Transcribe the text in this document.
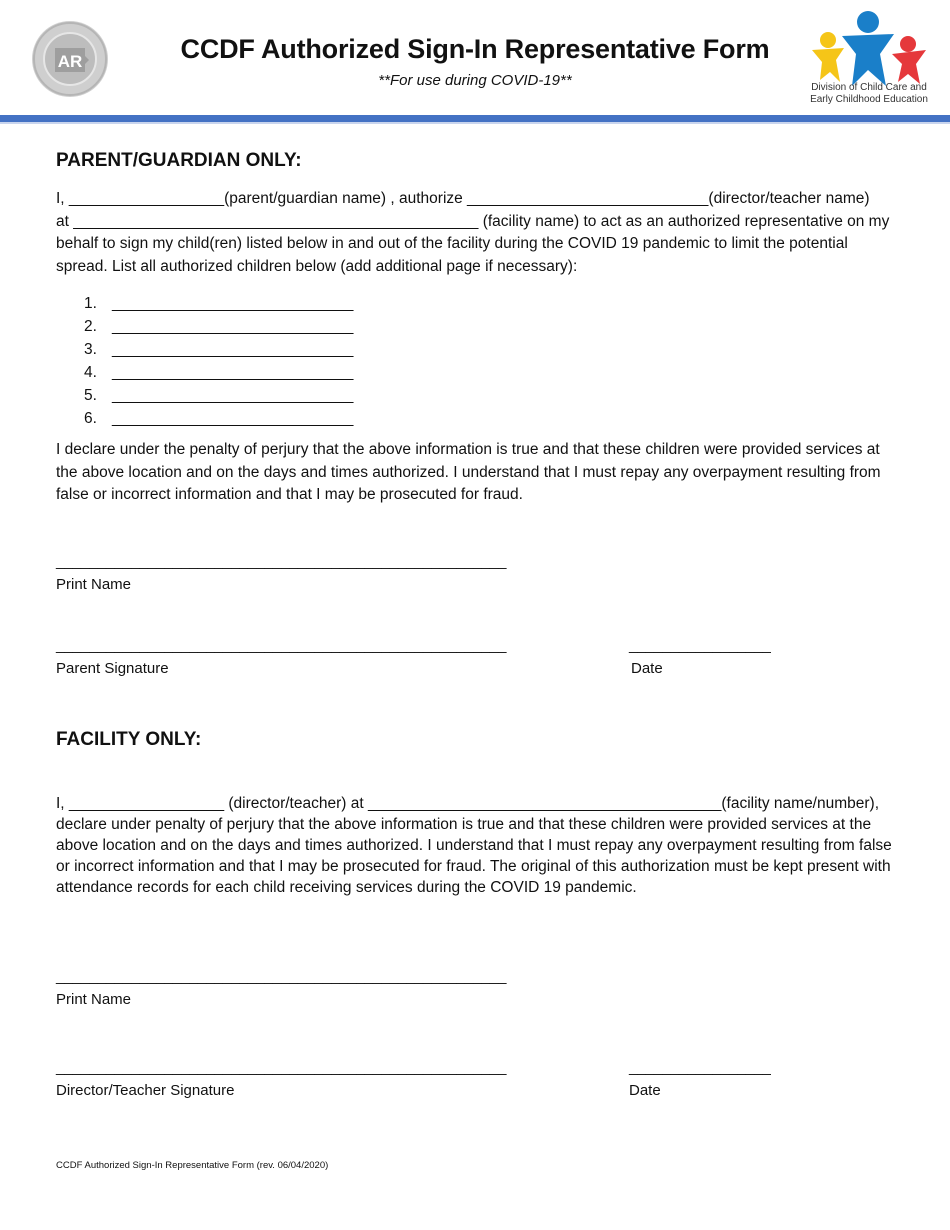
AR	CCDF Authorized Sign-In Representative Form
**For use during COVID-19**	Division of Child Care and
Early Childhood Education
PARENT/GUARDIAN ONLY:
I, __________________(parent/guardian name) , authorize ____________________________(director/teacher name)
at _______________________________________________ (facility name) to act as an authorized representative on my
behalf to sign my child(ren) listed below in and out of the facility during the COVID 19 pandemic to limit the potential
spread. List all authorized children below (add additional page if necessary):
1. ____________________________
2. ____________________________
3. ____________________________
4. ____________________________
5. ____________________________
6. ____________________________
I declare under the penalty of perjury that the above information is true and that these children were provided services at the above location and on the days and times authorized. I understand that I must repay any overpayment resulting from false or incorrect information and that I may be prosecuted for fraud.
______________________________________________________
Print Name
______________________________________________________
Parent Signature
_________________
Date
FACILITY ONLY:
I, __________________ (director/teacher) at _________________________________________(facility name/number),
declare under penalty of perjury that the above information is true and that these children were provided services at the above location and on the days and times authorized. I understand that I must repay any overpayment resulting from false or incorrect information and that I may be prosecuted for fraud. The original of this authorization must be kept present with attendance records for each child receiving services during the COVID 19 pandemic.
______________________________________________________
Print Name
______________________________________________________
Director/Teacher Signature
_________________
Date
CCDF Authorized Sign-In Representative Form (rev. 06/04/2020)
